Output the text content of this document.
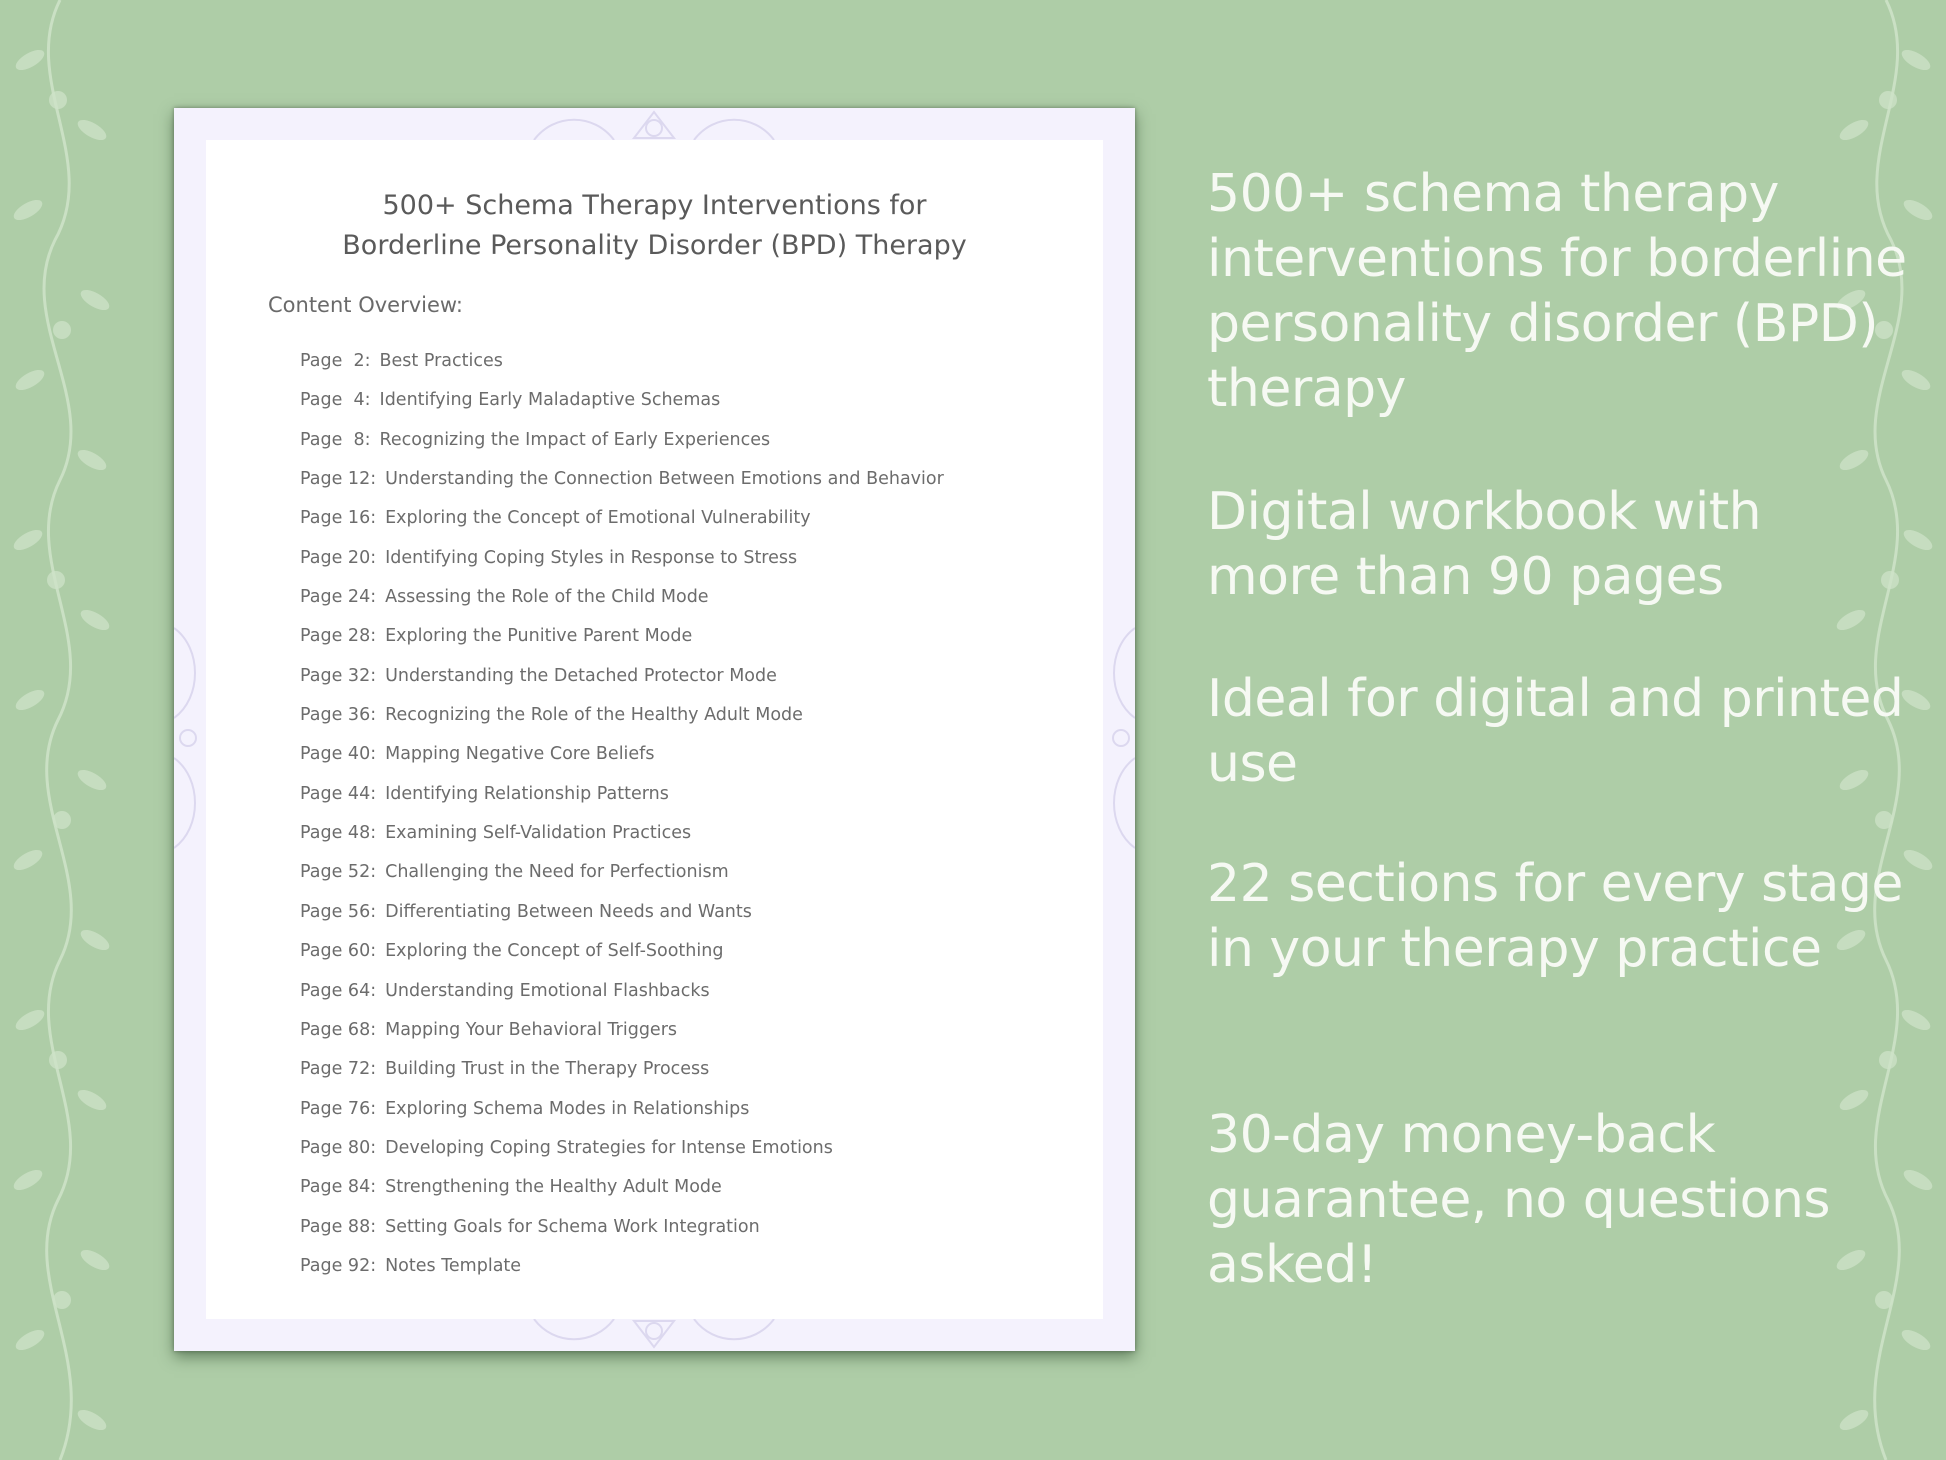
500+ Schema Therapy Interventions for
Borderline Personality Disorder (BPD) Therapy
Content Overview:
Page  2: Best Practices
Page  4: Identifying Early Maladaptive Schemas
Page  8: Recognizing the Impact of Early Experiences
Page 12: Understanding the Connection Between Emotions and Behavior
Page 16: Exploring the Concept of Emotional Vulnerability
Page 20: Identifying Coping Styles in Response to Stress
Page 24: Assessing the Role of the Child Mode
Page 28: Exploring the Punitive Parent Mode
Page 32: Understanding the Detached Protector Mode
Page 36: Recognizing the Role of the Healthy Adult Mode
Page 40: Mapping Negative Core Beliefs
Page 44: Identifying Relationship Patterns
Page 48: Examining Self-Validation Practices
Page 52: Challenging the Need for Perfectionism
Page 56: Differentiating Between Needs and Wants
Page 60: Exploring the Concept of Self-Soothing
Page 64: Understanding Emotional Flashbacks
Page 68: Mapping Your Behavioral Triggers
Page 72: Building Trust in the Therapy Process
Page 76: Exploring Schema Modes in Relationships
Page 80: Developing Coping Strategies for Intense Emotions
Page 84: Strengthening the Healthy Adult Mode
Page 88: Setting Goals for Schema Work Integration
Page 92: Notes Template
500+ schema therapy interventions for borderline personality disorder (BPD) therapy
Digital workbook with more than 90 pages
Ideal for digital and printed use
22 sections for every stage in your therapy practice
30-day money-back guarantee, no questions asked!
